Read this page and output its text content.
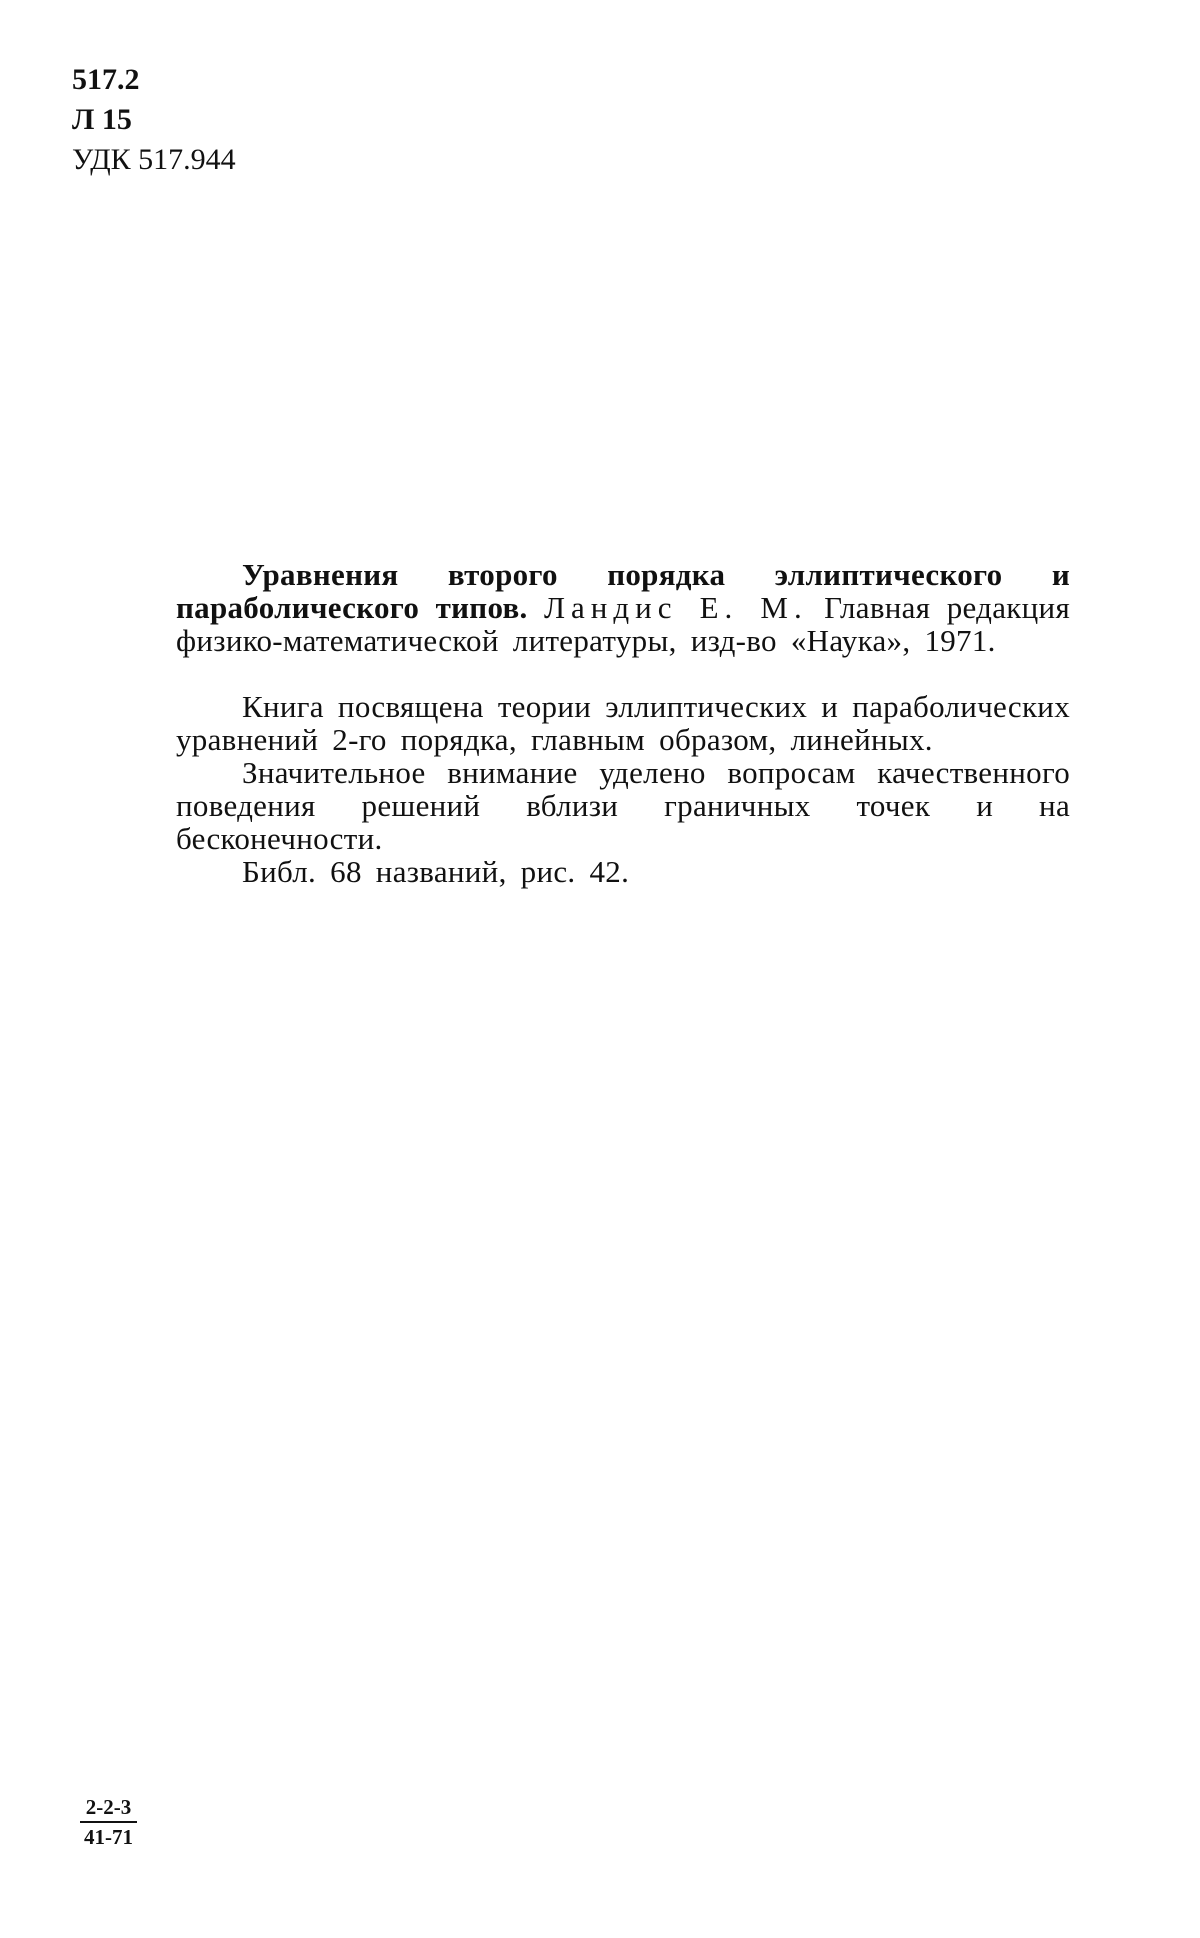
517.2
Л 15
УДК 517.944

Уравнения второго порядка эллиптического и параболического типов. Ландис Е. М. Главная редакция физико-математической литературы, изд-во «Наука», 1971.

Книга посвящена теории эллиптических и параболических уравнений 2-го порядка, главным образом, линейных.

Значительное внимание уделено вопросам качественного поведения решений вблизи граничных точек и на бесконечности.

Библ. 68 названий, рис. 42.

2-2-3
41-71
